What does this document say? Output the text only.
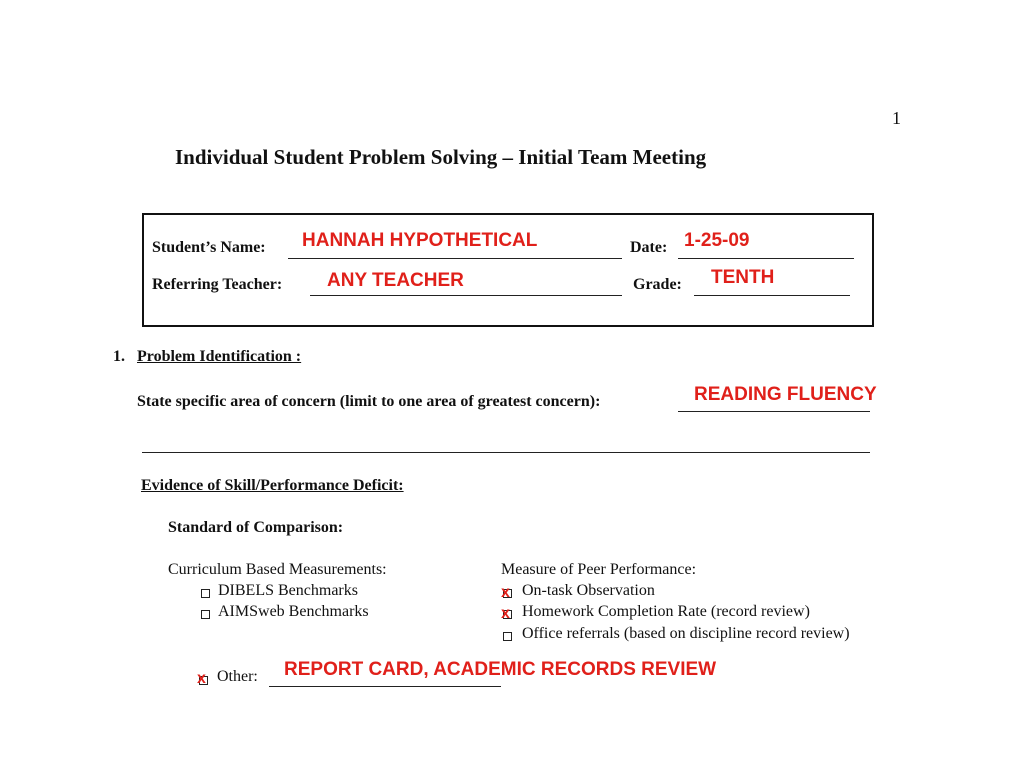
1
Individual Student Problem Solving – Initial Team Meeting
Student’s Name: HANNAH HYPOTHETICAL	Date: 1-25-09
Referring Teacher: ANY TEACHER	Grade: TENTH
1. Problem Identification :
State specific area of concern (limit to one area of greatest concern):	READING FLUENCY
Evidence of Skill/Performance Deficit:
Standard of Comparison:
Curriculum Based Measurements:
DIBELS Benchmarks
AIMSweb Benchmarks
Measure of Peer Performance:
x On-task Observation
x Homework Completion Rate (record review)
Office referrals (based on discipline record review)
x Other: REPORT CARD, ACADEMIC RECORDS REVIEW
